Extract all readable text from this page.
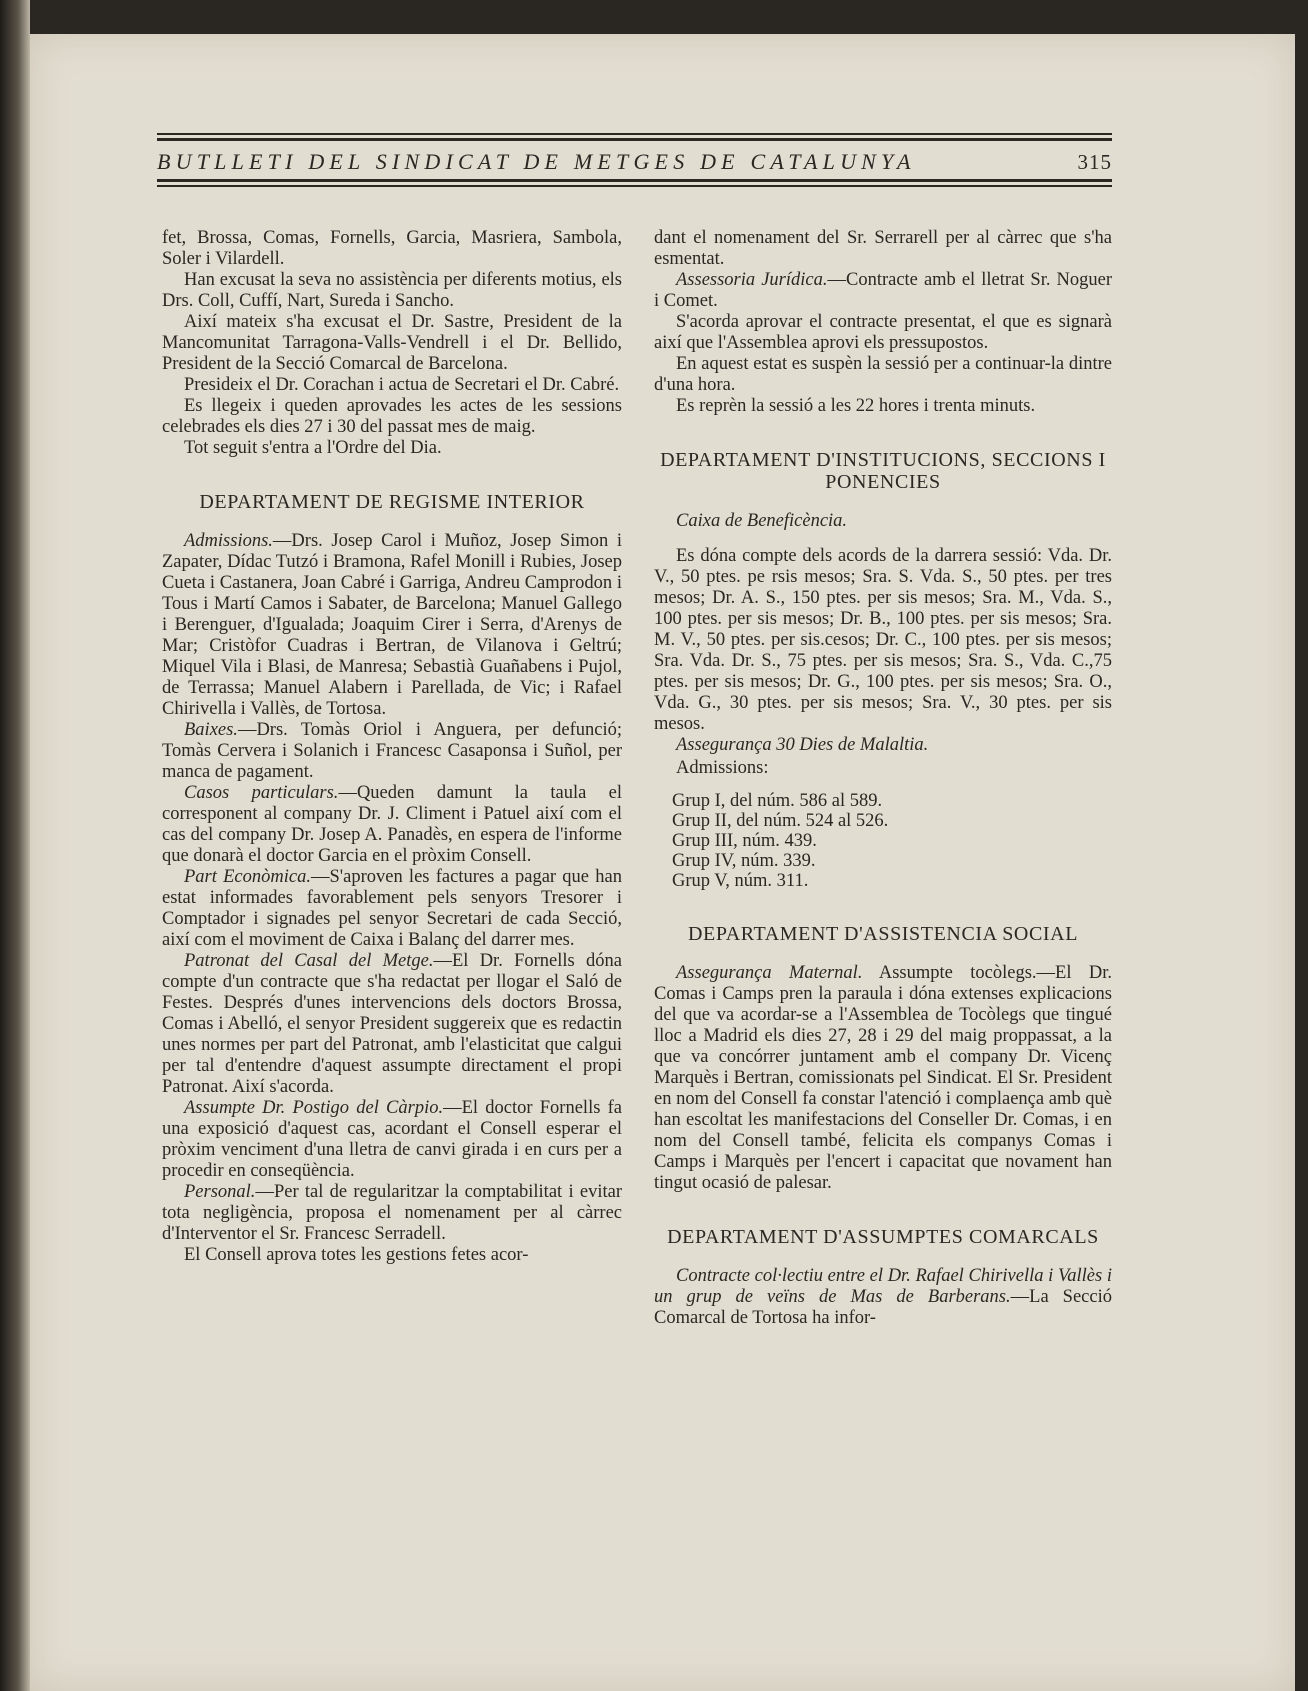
BUTLLETI DEL SINDICAT DE METGES DE CATALUNYA	315

fet, Brossa, Comas, Fornells, Garcia, Masriera, Sambola, Soler i Vilardell.

Han excusat la seva no assistència per diferents motius, els Drs. Coll, Cuffí, Nart, Sureda i Sancho.

Així mateix s'ha excusat el Dr. Sastre, President de la Mancomunitat Tarragona-Valls-Vendrell i el Dr. Bellido, President de la Secció Comarcal de Barcelona.

Presideix el Dr. Corachan i actua de Secretari el Dr. Cabré.

Es llegeix i queden aprovades les actes de les sessions celebrades els dies 27 i 30 del passat mes de maig.

Tot seguit s'entra a l'Ordre del Dia.

DEPARTAMENT DE REGISME INTERIOR

Admissions.—Drs. Josep Carol i Muñoz, Josep Simon i Zapater, Dídac Tutzó i Bramona, Rafel Monill i Rubies, Josep Cueta i Castanera, Joan Cabré i Garriga, Andreu Camprodon i Tous i Martí Camos i Sabater, de Barcelona; Manuel Gallego i Berenguer, d'Igualada; Joaquim Cirer i Serra, d'Arenys de Mar; Cristòfor Cuadras i Bertran, de Vilanova i Geltrú; Miquel Vila i Blasi, de Manresa; Sebastià Guañabens i Pujol, de Terrassa; Manuel Alabern i Parellada, de Vic; i Rafael Chirivella i Vallès, de Tortosa.

Baixes.—Drs. Tomàs Oriol i Anguera, per defunció; Tomàs Cervera i Solanich i Francesc Casaponsa i Suñol, per manca de pagament.

Casos particulars.—Queden damunt la taula el corresponent al company Dr. J. Climent i Patuel així com el cas del company Dr. Josep A. Panadès, en espera de l'informe que donarà el doctor Garcia en el pròxim Consell.

Part Econòmica.—S'aproven les factures a pagar que han estat informades favorablement pels senyors Tresorer i Comptador i signades pel senyor Secretari de cada Secció, així com el moviment de Caixa i Balanç del darrer mes.

Patronat del Casal del Metge.—El Dr. Fornells dóna compte d'un contracte que s'ha redactat per llogar el Saló de Festes. Després d'unes intervencions dels doctors Brossa, Comas i Abelló, el senyor President suggereix que es redactin unes normes per part del Patronat, amb l'elasticitat que calgui per tal d'entendre d'aquest assumpte directament el propi Patronat. Així s'acorda.

Assumpte Dr. Postigo del Càrpio.—El doctor Fornells fa una exposició d'aquest cas, acordant el Consell esperar el pròxim venciment d'una lletra de canvi girada i en curs per a procedir en conseqüència.

Personal.—Per tal de regularitzar la comptabilitat i evitar tota negligència, proposa el nomenament per al càrrec d'Interventor el Sr. Francesc Serradell.

El Consell aprova totes les gestions fetes acor-

dant el nomenament del Sr. Serrarell per al càrrec que s'ha esmentat.

Assessoria Jurídica.—Contracte amb el lletrat Sr. Noguer i Comet.

S'acorda aprovar el contracte presentat, el que es signarà així que l'Assemblea aprovi els pressupostos.

En aquest estat es suspèn la sessió per a continuar-la dintre d'una hora.

Es reprèn la sessió a les 22 hores i trenta minuts.

DEPARTAMENT D'INSTITUCIONS, SECCIONS I PONENCIES

Caixa de Beneficència.

Es dóna compte dels acords de la darrera sessió: Vda. Dr. V., 50 ptes. pe rsis mesos; Sra. S. Vda. S., 50 ptes. per tres mesos; Dr. A. S., 150 ptes. per sis mesos; Sra. M., Vda. S., 100 ptes. per sis mesos; Dr. B., 100 ptes. per sis mesos; Sra. M. V., 50 ptes. per sis.cesos; Dr. C., 100 ptes. per sis mesos; Sra. Vda. Dr. S., 75 ptes. per sis mesos; Sra. S., Vda. C.,75 ptes. per sis mesos; Dr. G., 100 ptes. per sis mesos; Sra. O., Vda. G., 30 ptes. per sis mesos; Sra. V., 30 ptes. per sis mesos.

Assegurança 30 Dies de Malaltia.

Admissions:

Grup I, del núm. 586 al 589.
Grup II, del núm. 524 al 526.
Grup III, núm. 439.
Grup IV, núm. 339.
Grup V, núm. 311.
DEPARTAMENT D'ASSISTENCIA SOCIAL

Assegurança Maternal. Assumpte tocòlegs.—El Dr. Comas i Camps pren la paraula i dóna extenses explicacions del que va acordar-se a l'Assemblea de Tocòlegs que tingué lloc a Madrid els dies 27, 28 i 29 del maig proppassat, a la que va concórrer juntament amb el company Dr. Vicenç Marquès i Bertran, comissionats pel Sindicat. El Sr. President en nom del Consell fa constar l'atenció i complaença amb què han escoltat les manifestacions del Conseller Dr. Comas, i en nom del Consell també, felicita els companys Comas i Camps i Marquès per l'encert i capacitat que novament han tingut ocasió de palesar.

DEPARTAMENT D'ASSUMPTES COMARCALS

Contracte col·lectiu entre el Dr. Rafael Chirivella i Vallès i un grup de veïns de Mas de Barberans.—La Secció Comarcal de Tortosa ha infor-
